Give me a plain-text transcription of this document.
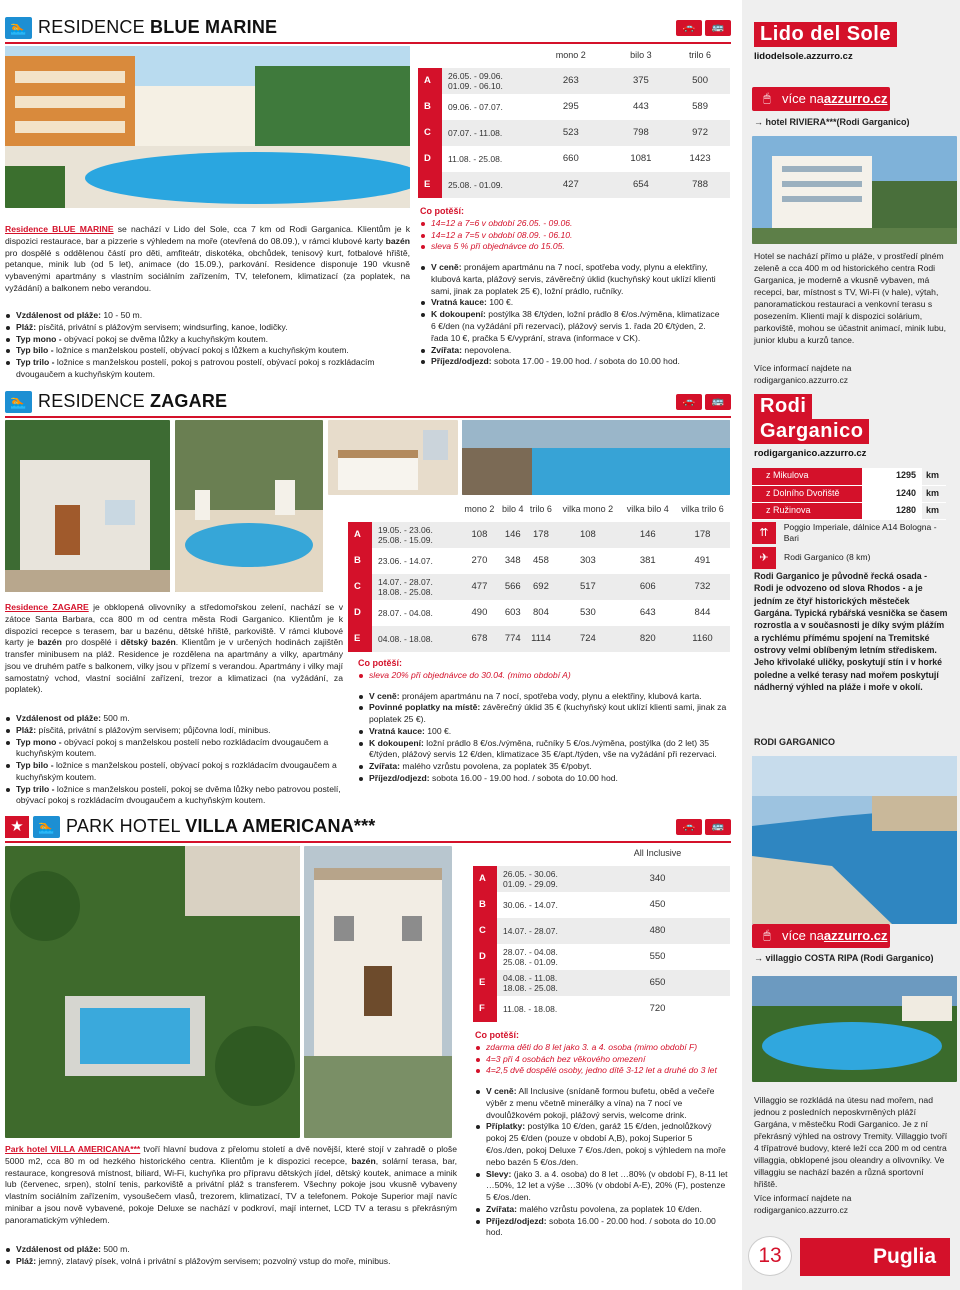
🏊 RESIDENCE BLUE MARINE	🚗	🚌
		mono 2	bilo 3	trilo 6
A	26.05. - 09.06.
01.09. - 06.10.	263	375	500
B	09.06. - 07.07.	295	443	589
C	07.07. - 11.08.	523	798	972
D	11.08. - 25.08.	660	1081	1423
E	25.08. - 01.09.	427	654	788
Residence BLUE MARINE se nachází v Lido del Sole, cca 7 km od Rodi Garganica. Klientům je k dispozici restaurace, bar a pizzerie s výhledem na moře (otevřená do 08.09.), v rámci klubové karty bazén pro dospělé s oddělenou částí pro děti, amfiteátr, diskotéka, obchůdek, tenisový kurt, fotbalové hřiště, petanque, minik lub (od 5 let), animace (do 15.09.), parkování. Residence disponuje 190 vkusně vybavenými apartmány s vlastním sociálním zařízením, TV, telefonem, klimatizací (za poplatek, na vyžádání) a balkonem nebo verandou.
Vzdálenost od pláže: 10 - 50 m.
Pláž: písčitá, privátní s plážovým servisem; windsurfing, kanoe, lodičky.
Typ mono - obývací pokoj se dvěma lůžky a kuchyňským koutem.
Typ bilo - ložnice s manželskou postelí, obývací pokoj s lůžkem a kuchyňským koutem.
Typ trilo - ložnice s manželskou postelí, pokoj s patrovou postelí, obývací pokoj s rozkládacím dvougaučem a kuchyňským koutem.
Co potěší:
14=12 a 7=6 v období 26.05. - 09.06.
14=12 a 7=5 v období 08.09. - 06.10.
sleva 5 % při objednávce do 15.05.
V ceně: pronájem apartmánu na 7 nocí, spotřeba vody, plynu a elektřiny, klubová karta, plážový servis, závěrečný úklid (kuchyňský kout uklízí klienti sami, jinak za poplatek 25 €), ložní prádlo, ručníky.
Vratná kauce: 100 €.
K dokoupení: postýlka 38 €/týden, ložní prádlo 8 €/os./výměna, klimatizace 6 €/den (na vyžádání při rezervaci), plážový servis 1. řada 20 €/týden, 2. řada 10 €, pračka 5 €/vyprání, strava (informace v CK).
Zvířata: nepovolena.
Příjezd/odjezd: sobota 17.00 - 19.00 hod. / sobota do 10.00 hod.
🏊 RESIDENCE ZAGARE	🚗	🚌
		mono 2	bilo 4	trilo 6	vilka mono 2	vilka bilo 4	vilka trilo 6
A	19.05. - 23.06.
25.08. - 15.09.	108	146	178	108	146	178
B	23.06. - 14.07.	270	348	458	303	381	491
C	14.07. - 28.07.
18.08. - 25.08.	477	566	692	517	606	732
D	28.07. - 04.08.	490	603	804	530	643	844
E	04.08. - 18.08.	678	774	1114	724	820	1160
Residence ZAGARE je obklopená olivovníky a středomořskou zelení, nachází se v zátoce Santa Barbara, cca 800 m od centra města Rodi Garganico. Klientům je k dispozici recepce s terasem, bar u bazénu, dětské hřiště, parkoviště. V rámci klubové karty je bazén pro dospělé i dětský bazén. Klientům je v určených hodinách zajištěn transfer minibusem na pláž. Residence je rozdělena na apartmány a vilky, apartmány jsou ve druhém patře s balkonem, vilky jsou v přízemí s verandou. Apartmány i vilky mají samostatný vchod, vlastní sociální zařízení, trezor a klimatizaci (na vyžádání, za poplatek).
Vzdálenost od pláže: 500 m.
Pláž: písčitá, privátní s plážovým servisem; půjčovna lodí, minibus.
Typ mono - obývací pokoj s manželskou postelí nebo rozkládacím dvougaučem a kuchyňským koutem.
Typ bilo - ložnice s manželskou postelí, obývací pokoj s rozkládacím dvougaučem a kuchyňským koutem.
Typ trilo - ložnice s manželskou postelí, pokoj se dvěma lůžky nebo patrovou postelí, obývací pokoj s rozkládacím dvougaučem a kuchyňským koutem.
Co potěší:
sleva 20% při objednávce do 30.04. (mimo období A)
V ceně: pronájem apartmánu na 7 nocí, spotřeba vody, plynu a elektřiny, klubová karta.
Povinné poplatky na místě: závěrečný úklid 35 € (kuchyňský kout uklízí klienti sami, jinak za poplatek 25 €).
Vratná kauce: 100 €.
K dokoupení: ložní prádlo 8 €/os./výměna, ručníky 5 €/os./výměna, postýlka (do 2 let) 35 €/týden, plážový servis 12 €/den, klimatizace 35 €/apt./týden, vše na vyžádání při rezervaci.
Zvířata: malého vzrůstu povolena, za poplatek 35 €/pobyt.
Příjezd/odjezd: sobota 16.00 - 19.00 hod. / sobota do 10.00 hod.
★	🏊 PARK HOTEL VILLA AMERICANA***	🚗	🚌
		All Inclusive
A	26.05. - 30.06.
01.09. - 29.09.	340
B	30.06. - 14.07.	450
C	14.07. - 28.07.	480
D	28.07. - 04.08.
25.08. - 01.09.	550
E	04.08. - 11.08.
18.08. - 25.08.	650
F	11.08. - 18.08.	720
Park hotel VILLA AMERICANA*** tvoří hlavní budova z přelomu století a dvě novější, které stojí v zahradě o ploše 5000 m2, cca 80 m od hezkého historického centra. Klientům je k dispozici recepce, bazén, solární terasa, bar, restaurace, kongresová místnost, biliard, Wi-Fi, kuchyňka pro přípravu dětských jídel, dětský koutek, animace a minik lub (červenec, srpen), stolní tenis, parkoviště a privátní pláž s transferem. Všechny pokoje jsou vkusně vybaveny vlastním sociálním zařízením, vysoušečem vlasů, trezorem, klimatizací, TV a telefonem. Pokoje Superior mají navíc minibar a jsou nově vybavené, pokoje Deluxe se nachází v podkroví, mají internet, LCD TV a terasu s překrásným panoramatickým výhledem.
Vzdálenost od pláže: 500 m.
Pláž: jemný, zlatavý písek, volná i privátní s plážovým servisem; pozvolný vstup do moře, minibus.
Co potěší:
zdarma děti do 8 let jako 3. a 4. osoba (mimo období F)
4=3 při 4 osobách bez věkového omezení
4=2,5 dvě dospělé osoby, jedno dítě 3-12 let a druhé do 3 let
V ceně: All Inclusive (snídaně formou bufetu, oběd a večeře výběr z menu včetně minerálky a vína) na 7 nocí ve dvoulůžkovém pokoji, plážový servis, welcome drink.
Příplatky: postýlka 10 €/den, garáž 15 €/den, jednolůžkový pokoj 25 €/den (pouze v období A,B), pokoj Superior 5 €/os./den, pokoj Deluxe 7 €/os./den, pokoj s výhledem na moře nebo bazén 5 €/os./den.
Slevy: (jako 3. a 4. osoba) do 8 let …80% (v období F), 8-11 let …50%, 12 let a výše …30% (v období A-E), 20% (F), postenze 5 €/os./den.
Zvířata: malého vzrůstu povolena, za poplatek 10 €/den.
Příjezd/odjezd: sobota 16.00 - 20.00 hod. / sobota do 10.00 hod.
Lido del Sole
lidodelsole.azzurro.cz
🖱 více na azzurro.cz
→ hotel RIVIERA***(Rodi Garganico)
Hotel se nachází přímo u pláže, v prostředí plném zeleně a cca 400 m od historického centra Rodi Garganica, je moderně a vkusně vybaven, má recepci, bar, místnost s TV, Wi-Fi (v hale), výtah, panoramatickou restauraci a venkovní terasu s posezením. Klienti mají k dispozici solárium, parkoviště, mohou se účastnit animací, minik lubu, junior klubu a kurzů tance.
Více informací najdete na
rodigarganico.azzurro.cz
Rodi
Garganico
rodigarganico.azzurro.cz
z Mikulova	1295	km
z Dolního Dvořiště	1240	km
z Ružinova	1280	km
⇈	Poggio Imperiale, dálnice A14 Bologna - Bari
✈	Rodi Garganico (8 km)
Rodi Garganico je původně řecká osada - Rodi je odvozeno od slova Rhodos - a je jedním ze čtyř historických městeček Gargána. Typická rybářská vesnička se časem rozrostla a v současnosti je díky svým plážím a rychlému přímému spojení na Tremitské ostrovy velmi oblíbeným letním střediskem. Jeho křivolaké uličky, poskytují stín i v horké poledne a velké terasy nad mořem poskytují nádherný výhled na pláže i moře v okolí.
RODI GARGANICO
🖱 více na azzurro.cz
→ villaggio COSTA RIPA (Rodi Garganico)
Villaggio se rozkládá na útesu nad mořem, nad jednou z posledních neposkvrněných pláží Gargána, v městečku Rodi Garganico. Je z ní překrásný výhled na ostrovy Tremity. Villaggio tvoří 4 třípatrové budovy, které leží cca 200 m od centra villaggia, obklopené jsou oleandry a olivovníky. Ve villaggiu se nachází bazén a různá sportovní hřiště.
Více informací najdete na
rodigarganico.azzurro.cz
13	Puglia
